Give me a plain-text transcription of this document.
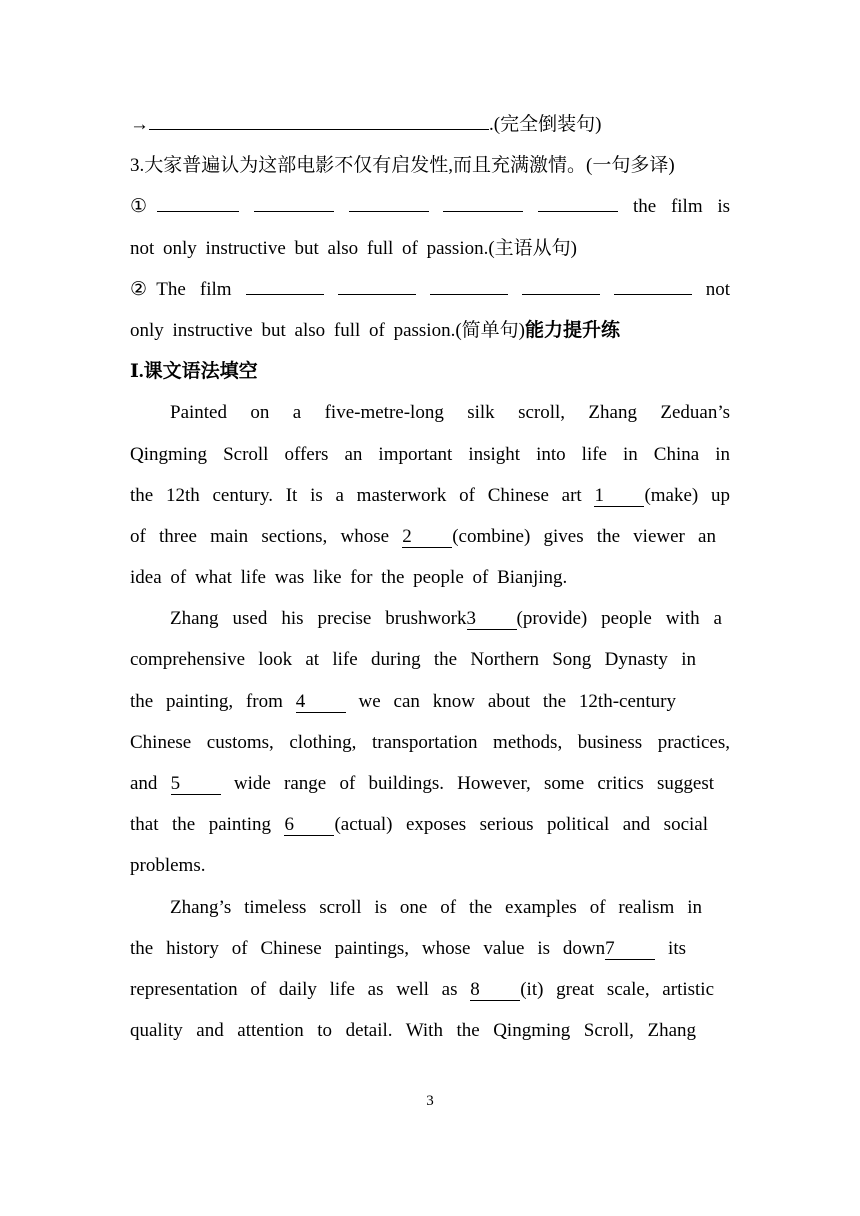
→	.(完全倒装句)
3.大家普遍认为这部电影不仅有启发性,而且充满激情。(一句多译)
①	the film is
not only instructive but also full of passion.(主语从句)
②The film	not
only instructive but also full of passion.(简单句)能力提升练
Ⅰ.课文语法填空
Painted on a five-metre-long silk scroll, Zhang Zeduan’s
Qingming Scroll offers an important insight into life in China in
the 12th century. It is a masterwork of Chinese art 1 (make) up
of three main sections, whose 2 (combine) gives the viewer an
idea of what life was like for the people of Bianjing.
Zhang used his precise brushwork3 (provide) people with a
comprehensive look at life during the Northern Song Dynasty in
the painting, from 4 we can know about the 12th-century
Chinese customs, clothing, transportation methods, business practices,
and 5 wide range of buildings. However, some critics suggest
that the painting 6 (actual) exposes serious political and social
problems.
Zhang’s timeless scroll is one of the examples of realism in
the history of Chinese paintings, whose value is down7 its
representation of daily life as well as 8 (it) great scale, artistic
quality and attention to detail. With the Qingming Scroll, Zhang
3
